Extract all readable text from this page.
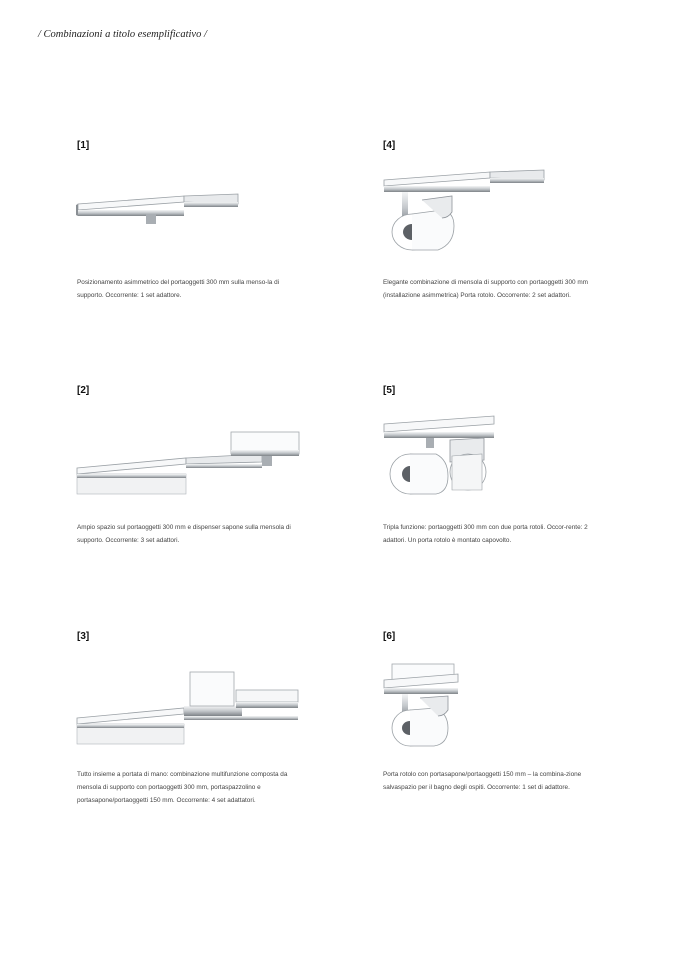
/ Combinazioni a titolo esemplificativo /
[1]
Posizionamento asimmetrico del portaoggetti 300 mm sulla menso-la di supporto. Occorrente: 1 set adattore.
[2]
Ampio spazio sul portaoggetti 300 mm e dispenser sapone sulla mensola di supporto. Occorrente: 3 set adattori.
[3]
Tutto insieme a portata di mano: combinazione multifunzione composta da mensola di supporto con portaoggetti 300 mm, portaspazzolino e portasapone/portaoggetti 150 mm. Occorrente: 4 set adattatori.
[4]
Elegante combinazione di mensola di supporto con portaoggetti 300 mm (installazione asimmetrica) Porta rotolo. Occorrente: 2 set adattori.
[5]
Tripla funzione: portaoggetti 300 mm con due porta rotoli. Occor-rente: 2 adattori. Un porta rotolo è montato capovolto.
[6]
Porta rotolo con portasapone/portaoggetti 150 mm – la combina-zione salvaspazio per il bagno degli ospiti. Occorrente: 1 set di adattore.
